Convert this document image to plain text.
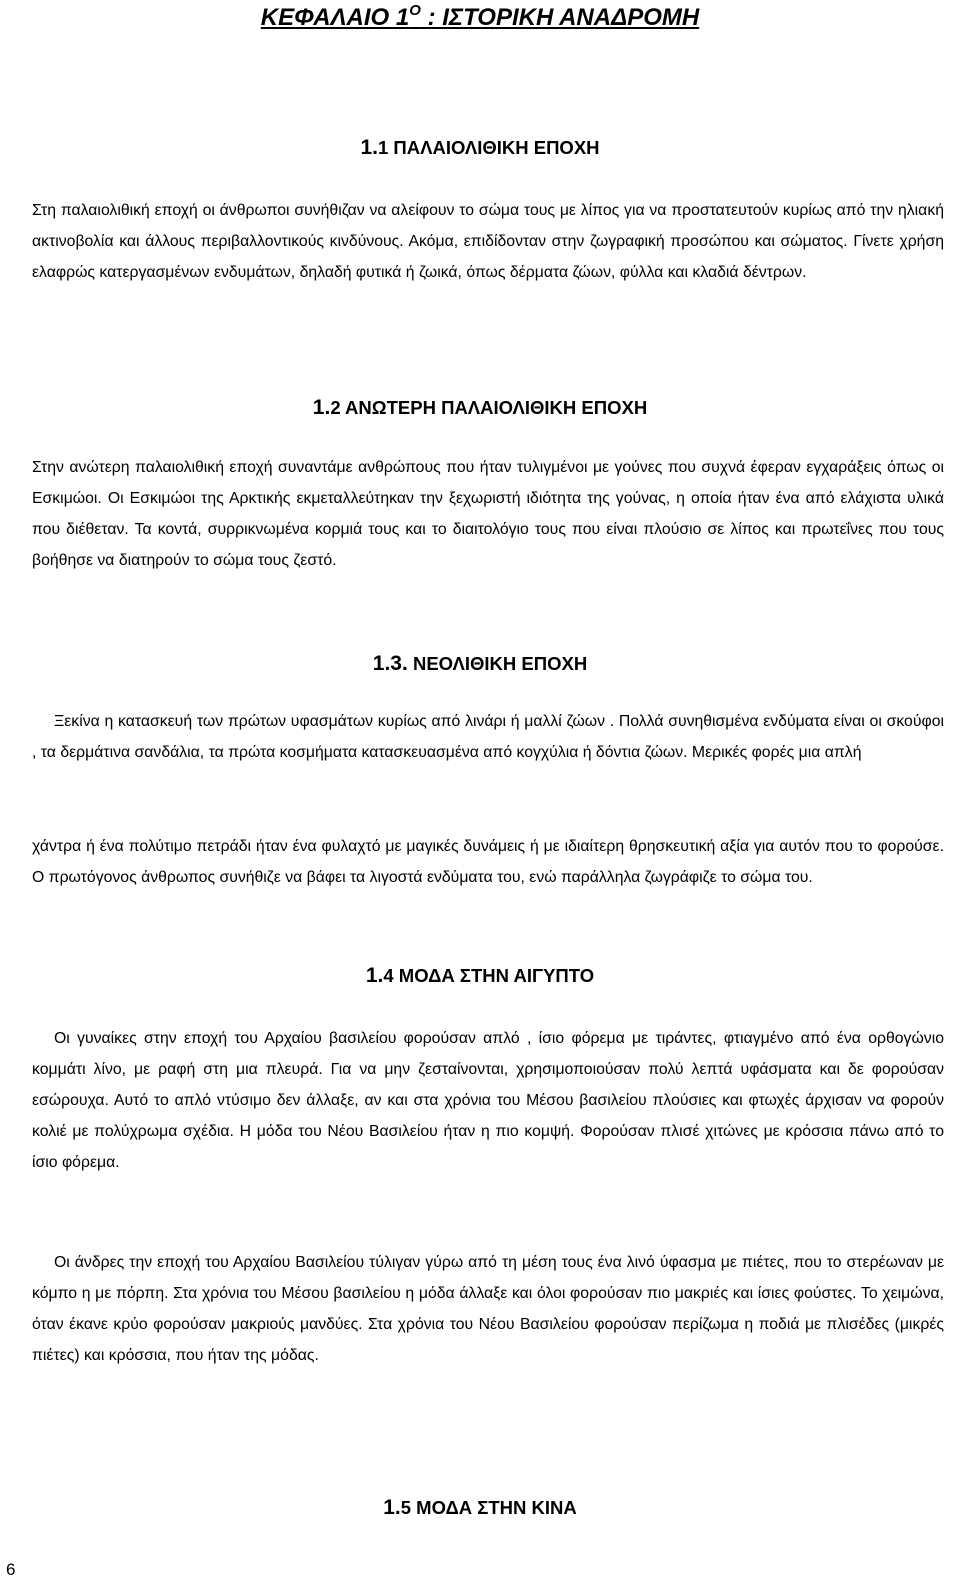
ΚΕΦΑΛΑΙΟ $1^O$ : ΙΣΤΟΡΙΚΗ ΑΝΑΔΡΟΜΗ
1.1 ΠΑΛΑΙΟΛΙΘΙΚΗ ΕΠΟΧΗ

Στη παλαιολιθική εποχή οι άνθρωποι συνήθιζαν να αλείφουν το σώμα τους με λίπος για να προστατευτούν κυρίως από την ηλιακή ακτινοβολία και άλλους περιβαλλοντικούς κινδύνους. Ακόμα, επιδίδονταν στην ζωγραφική προσώπου και σώματος. Γίνετε χρήση ελαφρώς κατεργασμένων ενδυμάτων, δηλαδή φυτικά ή ζωικά, όπως δέρματα ζώων, φύλλα και κλαδιά δέντρων.

1.2 ΑΝΩΤΕΡΗ ΠΑΛΑΙΟΛΙΘΙΚΗ ΕΠΟΧΗ

Στην ανώτερη παλαιολιθική εποχή συναντάμε ανθρώπους που ήταν τυλιγμένοι με γούνες που συχνά έφεραν εγχαράξεις όπως οι Εσκιμώοι. Οι Εσκιμώοι της Αρκτικής εκμεταλλεύτηκαν την ξεχωριστή ιδιότητα της γούνας, η οποία ήταν ένα από ελάχιστα υλικά που διέθεταν. Τα κοντά, συρρικνωμένα κορμιά τους και το διαιτολόγιο τους που είναι πλούσιο σε λίπος και πρωτεΐνες που τους βοήθησε να διατηρούν το σώμα τους ζεστό.

1.3. ΝΕΟΛΙΘΙΚΗ ΕΠΟΧΗ

Ξεκίνα η κατασκευή των πρώτων υφασμάτων κυρίως από λινάρι ή μαλλί ζώων . Πολλά συνηθισμένα ενδύματα είναι οι σκούφοι , τα δερμάτινα σανδάλια, τα πρώτα κοσμήματα κατασκευασμένα από κογχύλια ή δόντια ζώων. Μερικές φορές μια απλή

χάντρα ή ένα πολύτιμο πετράδι ήταν ένα φυλαχτό με μαγικές δυνάμεις ή με ιδιαίτερη θρησκευτική αξία για αυτόν που το φορούσε. Ο πρωτόγονος άνθρωπος συνήθιζε να βάφει τα λιγοστά ενδύματα του, ενώ παράλληλα ζωγράφιζε το σώμα του.

1.4 ΜΟΔΑ ΣΤΗΝ ΑΙΓΥΠΤΟ

Οι γυναίκες στην εποχή του Αρχαίου βασιλείου φορούσαν απλό , ίσιο φόρεμα με τιράντες, φτιαγμένο από ένα ορθογώνιο κομμάτι λίνο, με ραφή στη μια πλευρά. Για να μην ζεσταίνονται, χρησιμοποιούσαν πολύ λεπτά υφάσματα και δε φορούσαν εσώρουχα. Αυτό το απλό ντύσιμο δεν άλλαξε, αν και στα χρόνια του Μέσου βασιλείου πλούσιες και φτωχές άρχισαν να φορούν κολιέ με πολύχρωμα σχέδια. Η μόδα του Νέου Βασιλείου ήταν η πιο κομψή. Φορούσαν πλισέ χιτώνες με κρόσσια πάνω από το ίσιο φόρεμα.

Οι άνδρες την εποχή του Αρχαίου Βασιλείου τύλιγαν γύρω από τη μέση τους ένα λινό ύφασμα με πιέτες, που το στερέωναν με κόμπο η με πόρπη. Στα χρόνια του Μέσου βασιλείου η μόδα άλλαξε και όλοι φορούσαν πιο μακριές και ίσιες φούστες. Το χειμώνα, όταν έκανε κρύο φορούσαν μακριούς μανδύες. Στα χρόνια του Νέου Βασιλείου φορούσαν περίζωμα η ποδιά με πλισέδες (μικρές πιέτες) και κρόσσια, που ήταν της μόδας.

1.5 ΜΟΔΑ ΣΤΗΝ ΚΙΝΑ
6
